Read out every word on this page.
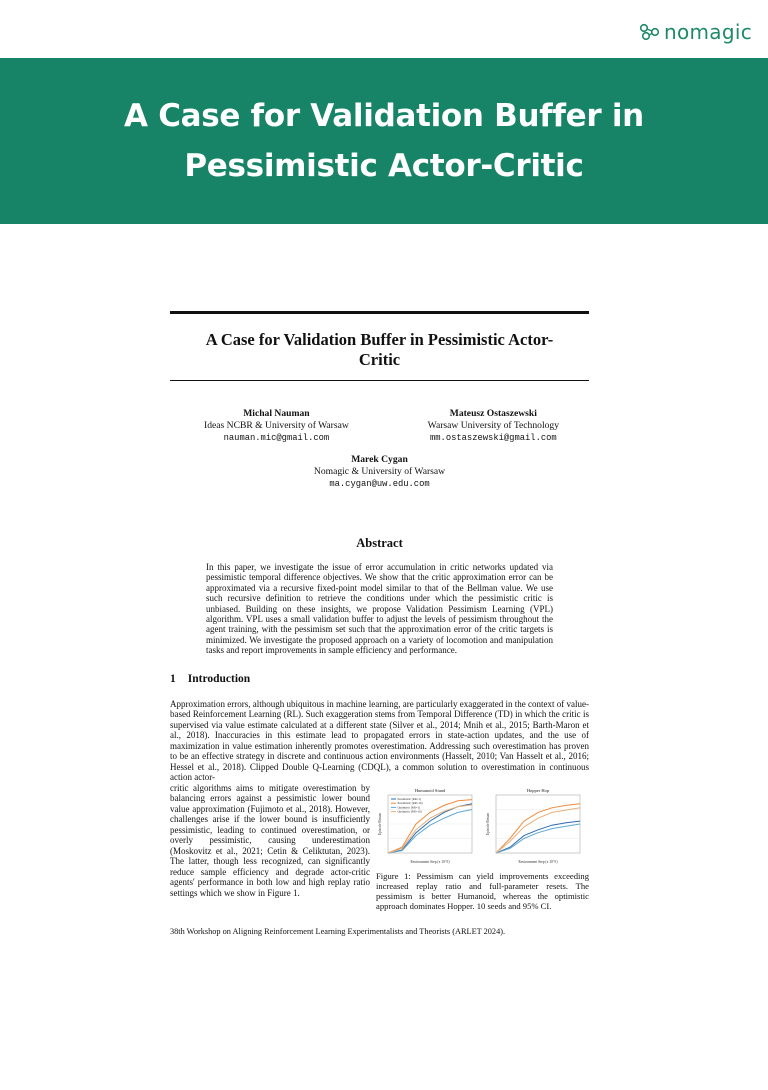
nomagic
A Case for Validation Buffer in Pessimistic Actor-Critic
A Case for Validation Buffer in Pessimistic Actor-Critic
Michal Nauman
Ideas NCBR & University of Warsaw
nauman.mic@gmail.com
Mateusz Ostaszewski
Warsaw University of Technology
mm.ostaszewski@gmail.com
Marek Cygan
Nomagic & University of Warsaw
ma.cygan@uw.edu.com
Abstract
In this paper, we investigate the issue of error accumulation in critic networks updated via pessimistic temporal difference objectives. We show that the critic approximation error can be approximated via a recursive fixed-point model similar to that of the Bellman value. We use such recursive definition to retrieve the conditions under which the pessimistic critic is unbiased. Building on these insights, we propose Validation Pessimism Learning (VPL) algorithm. VPL uses a small validation buffer to adjust the levels of pessimism throughout the agent training, with the pessimism set such that the approximation error of the critic targets is minimized. We investigate the proposed approach on a variety of locomotion and manipulation tasks and report improvements in sample efficiency and performance.
1 Introduction
Approximation errors, although ubiquitous in machine learning, are particularly exaggerated in the context of value-based Reinforcement Learning (RL). Such exaggeration stems from Temporal Difference (TD) in which the critic is supervised via value estimate calculated at a different state (Silver et al., 2014; Mnih et al., 2015; Barth-Maron et al., 2018). Inaccuracies in this estimate lead to propagated errors in state-action updates, and the use of maximization in value estimation inherently promotes overestimation. Addressing such overestimation has proven to be an effective strategy in discrete and continuous action environments (Hasselt, 2010; Van Hasselt et al., 2016; Hessel et al., 2018). Clipped Double Q-Learning (CDQL), a common solution to overestimation in continuous action actor-
critic algorithms aims to mitigate overestimation by balancing errors against a pessimistic lower bound value approximation (Fujimoto et al., 2018). However, challenges arise if the lower bound is insufficiently pessimistic, leading to continued overestimation, or overly pessimistic, causing underestimation (Moskovitz et al., 2021; Cetin & Celiktutan, 2023). The latter, though less recognized, can significantly reduce sample efficiency and degrade actor-critic agents' performance in both low and high replay ratio settings which we show in Figure 1.
Humanoid Stand
Environment Step (x 10^5)
Episode Return
Pessimistic (RR=1)
Pessimistic (RR=16)
Optimistic (RR=1)
Optimistic (RR=16)
Hopper Hop
Environment Step (x 10^5)
Episode Return
Figure 1: Pessimism can yield improvements exceeding increased replay ratio and full-parameter resets. The pessimism is better Humanoid, whereas the optimistic approach dominates Hopper. 10 seeds and 95% CI.
38th Workshop on Aligning Reinforcement Learning Experimentalists and Theorists (ARLET 2024).
